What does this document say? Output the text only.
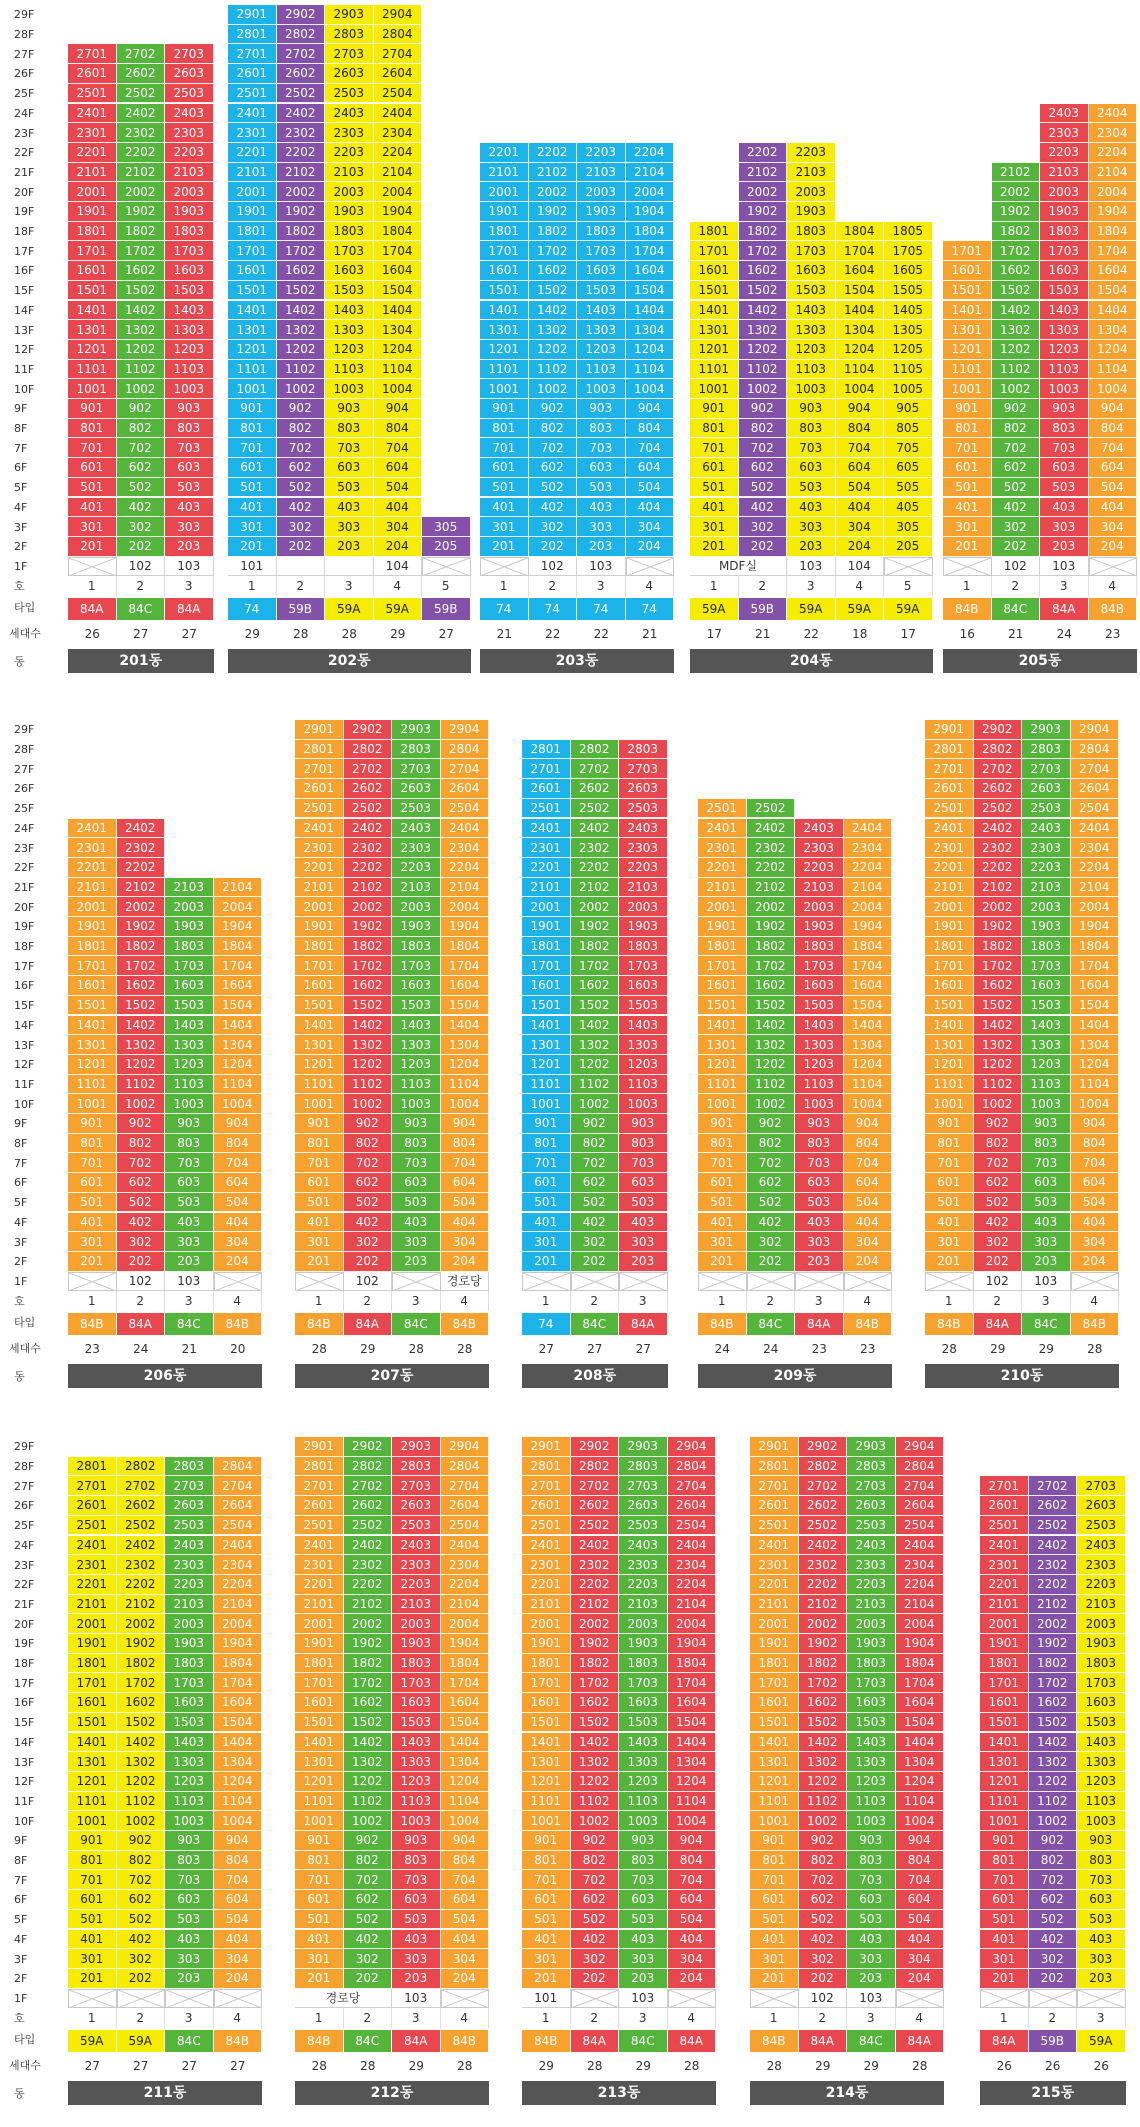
29F
28F
27F
26F
25F
24F
23F
22F
21F
20F
19F
18F
17F
16F
15F
14F
13F
12F
11F
10F
9F
8F
7F
6F
5F
4F
3F
2F
1F
호
타입
세대수
동
201
301
401
501
601
701
801
901
1001
1101
1201
1301
1401
1501
1601
1701
1801
1901
2001
2101
2201
2301
2401
2501
2601
2701
1
84A
26
202
302
402
502
602
702
802
902
1002
1102
1202
1302
1402
1502
1602
1702
1802
1902
2002
2102
2202
2302
2402
2502
2602
2702
102
2
84C
27
203
303
403
503
603
703
803
903
1003
1103
1203
1303
1403
1503
1603
1703
1803
1903
2003
2103
2203
2303
2403
2503
2603
2703
103
3
84A
27
201동
201
301
401
501
601
701
801
901
1001
1101
1201
1301
1401
1501
1601
1701
1801
1901
2001
2101
2201
2301
2401
2501
2601
2701
2801
2901
101
1
74
29
202
302
402
502
602
702
802
902
1002
1102
1202
1302
1402
1502
1602
1702
1802
1902
2002
2102
2202
2302
2402
2502
2602
2702
2802
2902
2
59B
28
203
303
403
503
603
703
803
903
1003
1103
1203
1303
1403
1503
1603
1703
1803
1903
2003
2103
2203
2303
2403
2503
2603
2703
2803
2903
3
59A
28
204
304
404
504
604
704
804
904
1004
1104
1204
1304
1404
1504
1604
1704
1804
1904
2004
2104
2204
2304
2404
2504
2604
2704
2804
2904
104
4
59A
29
205
305
5
59B
27
202동
201
301
401
501
601
701
801
901
1001
1101
1201
1301
1401
1501
1601
1701
1801
1901
2001
2101
2201
1
74
21
202
302
402
502
602
702
802
902
1002
1102
1202
1302
1402
1502
1602
1702
1802
1902
2002
2102
2202
102
2
74
22
203
303
403
503
603
703
803
903
1003
1103
1203
1303
1403
1503
1603
1703
1803
1903
2003
2103
2203
103
3
74
22
204
304
404
504
604
704
804
904
1004
1104
1204
1304
1404
1504
1604
1704
1804
1904
2004
2104
2204
4
74
21
203동
201
301
401
501
601
701
801
901
1001
1101
1201
1301
1401
1501
1601
1701
1801
MDF실
1
59A
17
202
302
402
502
602
702
802
902
1002
1102
1202
1302
1402
1502
1602
1702
1802
1902
2002
2102
2202
2
59B
21
203
303
403
503
603
703
803
903
1003
1103
1203
1303
1403
1503
1603
1703
1803
1903
2003
2103
2203
103
3
59A
22
204
304
404
504
604
704
804
904
1004
1104
1204
1304
1404
1504
1604
1704
1804
104
4
59A
18
205
305
405
505
605
705
805
905
1005
1105
1205
1305
1405
1505
1605
1705
1805
5
59A
17
204동
201
301
401
501
601
701
801
901
1001
1101
1201
1301
1401
1501
1601
1701
1
84B
16
202
302
402
502
602
702
802
902
1002
1102
1202
1302
1402
1502
1602
1702
1802
1902
2002
2102
102
2
84C
21
203
303
403
503
603
703
803
903
1003
1103
1203
1303
1403
1503
1603
1703
1803
1903
2003
2103
2203
2303
2403
103
3
84A
24
204
304
404
504
604
704
804
904
1004
1104
1204
1304
1404
1504
1604
1704
1804
1904
2004
2104
2204
2304
2404
4
84B
23
205동
29F
28F
27F
26F
25F
24F
23F
22F
21F
20F
19F
18F
17F
16F
15F
14F
13F
12F
11F
10F
9F
8F
7F
6F
5F
4F
3F
2F
1F
호
타입
세대수
동
201
301
401
501
601
701
801
901
1001
1101
1201
1301
1401
1501
1601
1701
1801
1901
2001
2101
2201
2301
2401
1
84B
23
202
302
402
502
602
702
802
902
1002
1102
1202
1302
1402
1502
1602
1702
1802
1902
2002
2102
2202
2302
2402
102
2
84A
24
203
303
403
503
603
703
803
903
1003
1103
1203
1303
1403
1503
1603
1703
1803
1903
2003
2103
103
3
84C
21
204
304
404
504
604
704
804
904
1004
1104
1204
1304
1404
1504
1604
1704
1804
1904
2004
2104
4
84B
20
206동
201
301
401
501
601
701
801
901
1001
1101
1201
1301
1401
1501
1601
1701
1801
1901
2001
2101
2201
2301
2401
2501
2601
2701
2801
2901
1
84B
28
202
302
402
502
602
702
802
902
1002
1102
1202
1302
1402
1502
1602
1702
1802
1902
2002
2102
2202
2302
2402
2502
2602
2702
2802
2902
102
2
84A
29
203
303
403
503
603
703
803
903
1003
1103
1203
1303
1403
1503
1603
1703
1803
1903
2003
2103
2203
2303
2403
2503
2603
2703
2803
2903
3
84C
28
204
304
404
504
604
704
804
904
1004
1104
1204
1304
1404
1504
1604
1704
1804
1904
2004
2104
2204
2304
2404
2504
2604
2704
2804
2904
경로당
4
84B
28
207동
201
301
401
501
601
701
801
901
1001
1101
1201
1301
1401
1501
1601
1701
1801
1901
2001
2101
2201
2301
2401
2501
2601
2701
2801
1
74
27
202
302
402
502
602
702
802
902
1002
1102
1202
1302
1402
1502
1602
1702
1802
1902
2002
2102
2202
2302
2402
2502
2602
2702
2802
2
84C
27
203
303
403
503
603
703
803
903
1003
1103
1203
1303
1403
1503
1603
1703
1803
1903
2003
2103
2203
2303
2403
2503
2603
2703
2803
3
84A
27
208동
201
301
401
501
601
701
801
901
1001
1101
1201
1301
1401
1501
1601
1701
1801
1901
2001
2101
2201
2301
2401
2501
1
84B
24
202
302
402
502
602
702
802
902
1002
1102
1202
1302
1402
1502
1602
1702
1802
1902
2002
2102
2202
2302
2402
2502
2
84C
24
203
303
403
503
603
703
803
903
1003
1103
1203
1303
1403
1503
1603
1703
1803
1903
2003
2103
2203
2303
2403
3
84A
23
204
304
404
504
604
704
804
904
1004
1104
1204
1304
1404
1504
1604
1704
1804
1904
2004
2104
2204
2304
2404
4
84B
23
209동
201
301
401
501
601
701
801
901
1001
1101
1201
1301
1401
1501
1601
1701
1801
1901
2001
2101
2201
2301
2401
2501
2601
2701
2801
2901
1
84B
28
202
302
402
502
602
702
802
902
1002
1102
1202
1302
1402
1502
1602
1702
1802
1902
2002
2102
2202
2302
2402
2502
2602
2702
2802
2902
102
2
84A
29
203
303
403
503
603
703
803
903
1003
1103
1203
1303
1403
1503
1603
1703
1803
1903
2003
2103
2203
2303
2403
2503
2603
2703
2803
2903
103
3
84C
29
204
304
404
504
604
704
804
904
1004
1104
1204
1304
1404
1504
1604
1704
1804
1904
2004
2104
2204
2304
2404
2504
2604
2704
2804
2904
4
84B
28
210동
29F
28F
27F
26F
25F
24F
23F
22F
21F
20F
19F
18F
17F
16F
15F
14F
13F
12F
11F
10F
9F
8F
7F
6F
5F
4F
3F
2F
1F
호
타입
세대수
동
201
301
401
501
601
701
801
901
1001
1101
1201
1301
1401
1501
1601
1701
1801
1901
2001
2101
2201
2301
2401
2501
2601
2701
2801
1
59A
27
202
302
402
502
602
702
802
902
1002
1102
1202
1302
1402
1502
1602
1702
1802
1902
2002
2102
2202
2302
2402
2502
2602
2702
2802
2
59A
27
203
303
403
503
603
703
803
903
1003
1103
1203
1303
1403
1503
1603
1703
1803
1903
2003
2103
2203
2303
2403
2503
2603
2703
2803
3
84C
27
204
304
404
504
604
704
804
904
1004
1104
1204
1304
1404
1504
1604
1704
1804
1904
2004
2104
2204
2304
2404
2504
2604
2704
2804
4
84B
27
211동
201
301
401
501
601
701
801
901
1001
1101
1201
1301
1401
1501
1601
1701
1801
1901
2001
2101
2201
2301
2401
2501
2601
2701
2801
2901
경로당
1
84B
28
202
302
402
502
602
702
802
902
1002
1102
1202
1302
1402
1502
1602
1702
1802
1902
2002
2102
2202
2302
2402
2502
2602
2702
2802
2902
2
84C
28
203
303
403
503
603
703
803
903
1003
1103
1203
1303
1403
1503
1603
1703
1803
1903
2003
2103
2203
2303
2403
2503
2603
2703
2803
2903
103
3
84A
29
204
304
404
504
604
704
804
904
1004
1104
1204
1304
1404
1504
1604
1704
1804
1904
2004
2104
2204
2304
2404
2504
2604
2704
2804
2904
4
84B
28
212동
201
301
401
501
601
701
801
901
1001
1101
1201
1301
1401
1501
1601
1701
1801
1901
2001
2101
2201
2301
2401
2501
2601
2701
2801
2901
101
1
84B
29
202
302
402
502
602
702
802
902
1002
1102
1202
1302
1402
1502
1602
1702
1802
1902
2002
2102
2202
2302
2402
2502
2602
2702
2802
2902
2
84A
28
203
303
403
503
603
703
803
903
1003
1103
1203
1303
1403
1503
1603
1703
1803
1903
2003
2103
2203
2303
2403
2503
2603
2703
2803
2903
103
3
84C
29
204
304
404
504
604
704
804
904
1004
1104
1204
1304
1404
1504
1604
1704
1804
1904
2004
2104
2204
2304
2404
2504
2604
2704
2804
2904
4
84A
28
213동
201
301
401
501
601
701
801
901
1001
1101
1201
1301
1401
1501
1601
1701
1801
1901
2001
2101
2201
2301
2401
2501
2601
2701
2801
2901
1
84B
28
202
302
402
502
602
702
802
902
1002
1102
1202
1302
1402
1502
1602
1702
1802
1902
2002
2102
2202
2302
2402
2502
2602
2702
2802
2902
102
2
84A
29
203
303
403
503
603
703
803
903
1003
1103
1203
1303
1403
1503
1603
1703
1803
1903
2003
2103
2203
2303
2403
2503
2603
2703
2803
2903
103
3
84C
29
204
304
404
504
604
704
804
904
1004
1104
1204
1304
1404
1504
1604
1704
1804
1904
2004
2104
2204
2304
2404
2504
2604
2704
2804
2904
4
84A
28
214동
201
301
401
501
601
701
801
901
1001
1101
1201
1301
1401
1501
1601
1701
1801
1901
2001
2101
2201
2301
2401
2501
2601
2701
1
84A
26
202
302
402
502
602
702
802
902
1002
1102
1202
1302
1402
1502
1602
1702
1802
1902
2002
2102
2202
2302
2402
2502
2602
2702
2
59B
26
203
303
403
503
603
703
803
903
1003
1103
1203
1303
1403
1503
1603
1703
1803
1903
2003
2103
2203
2303
2403
2503
2603
2703
3
59A
26
215동
